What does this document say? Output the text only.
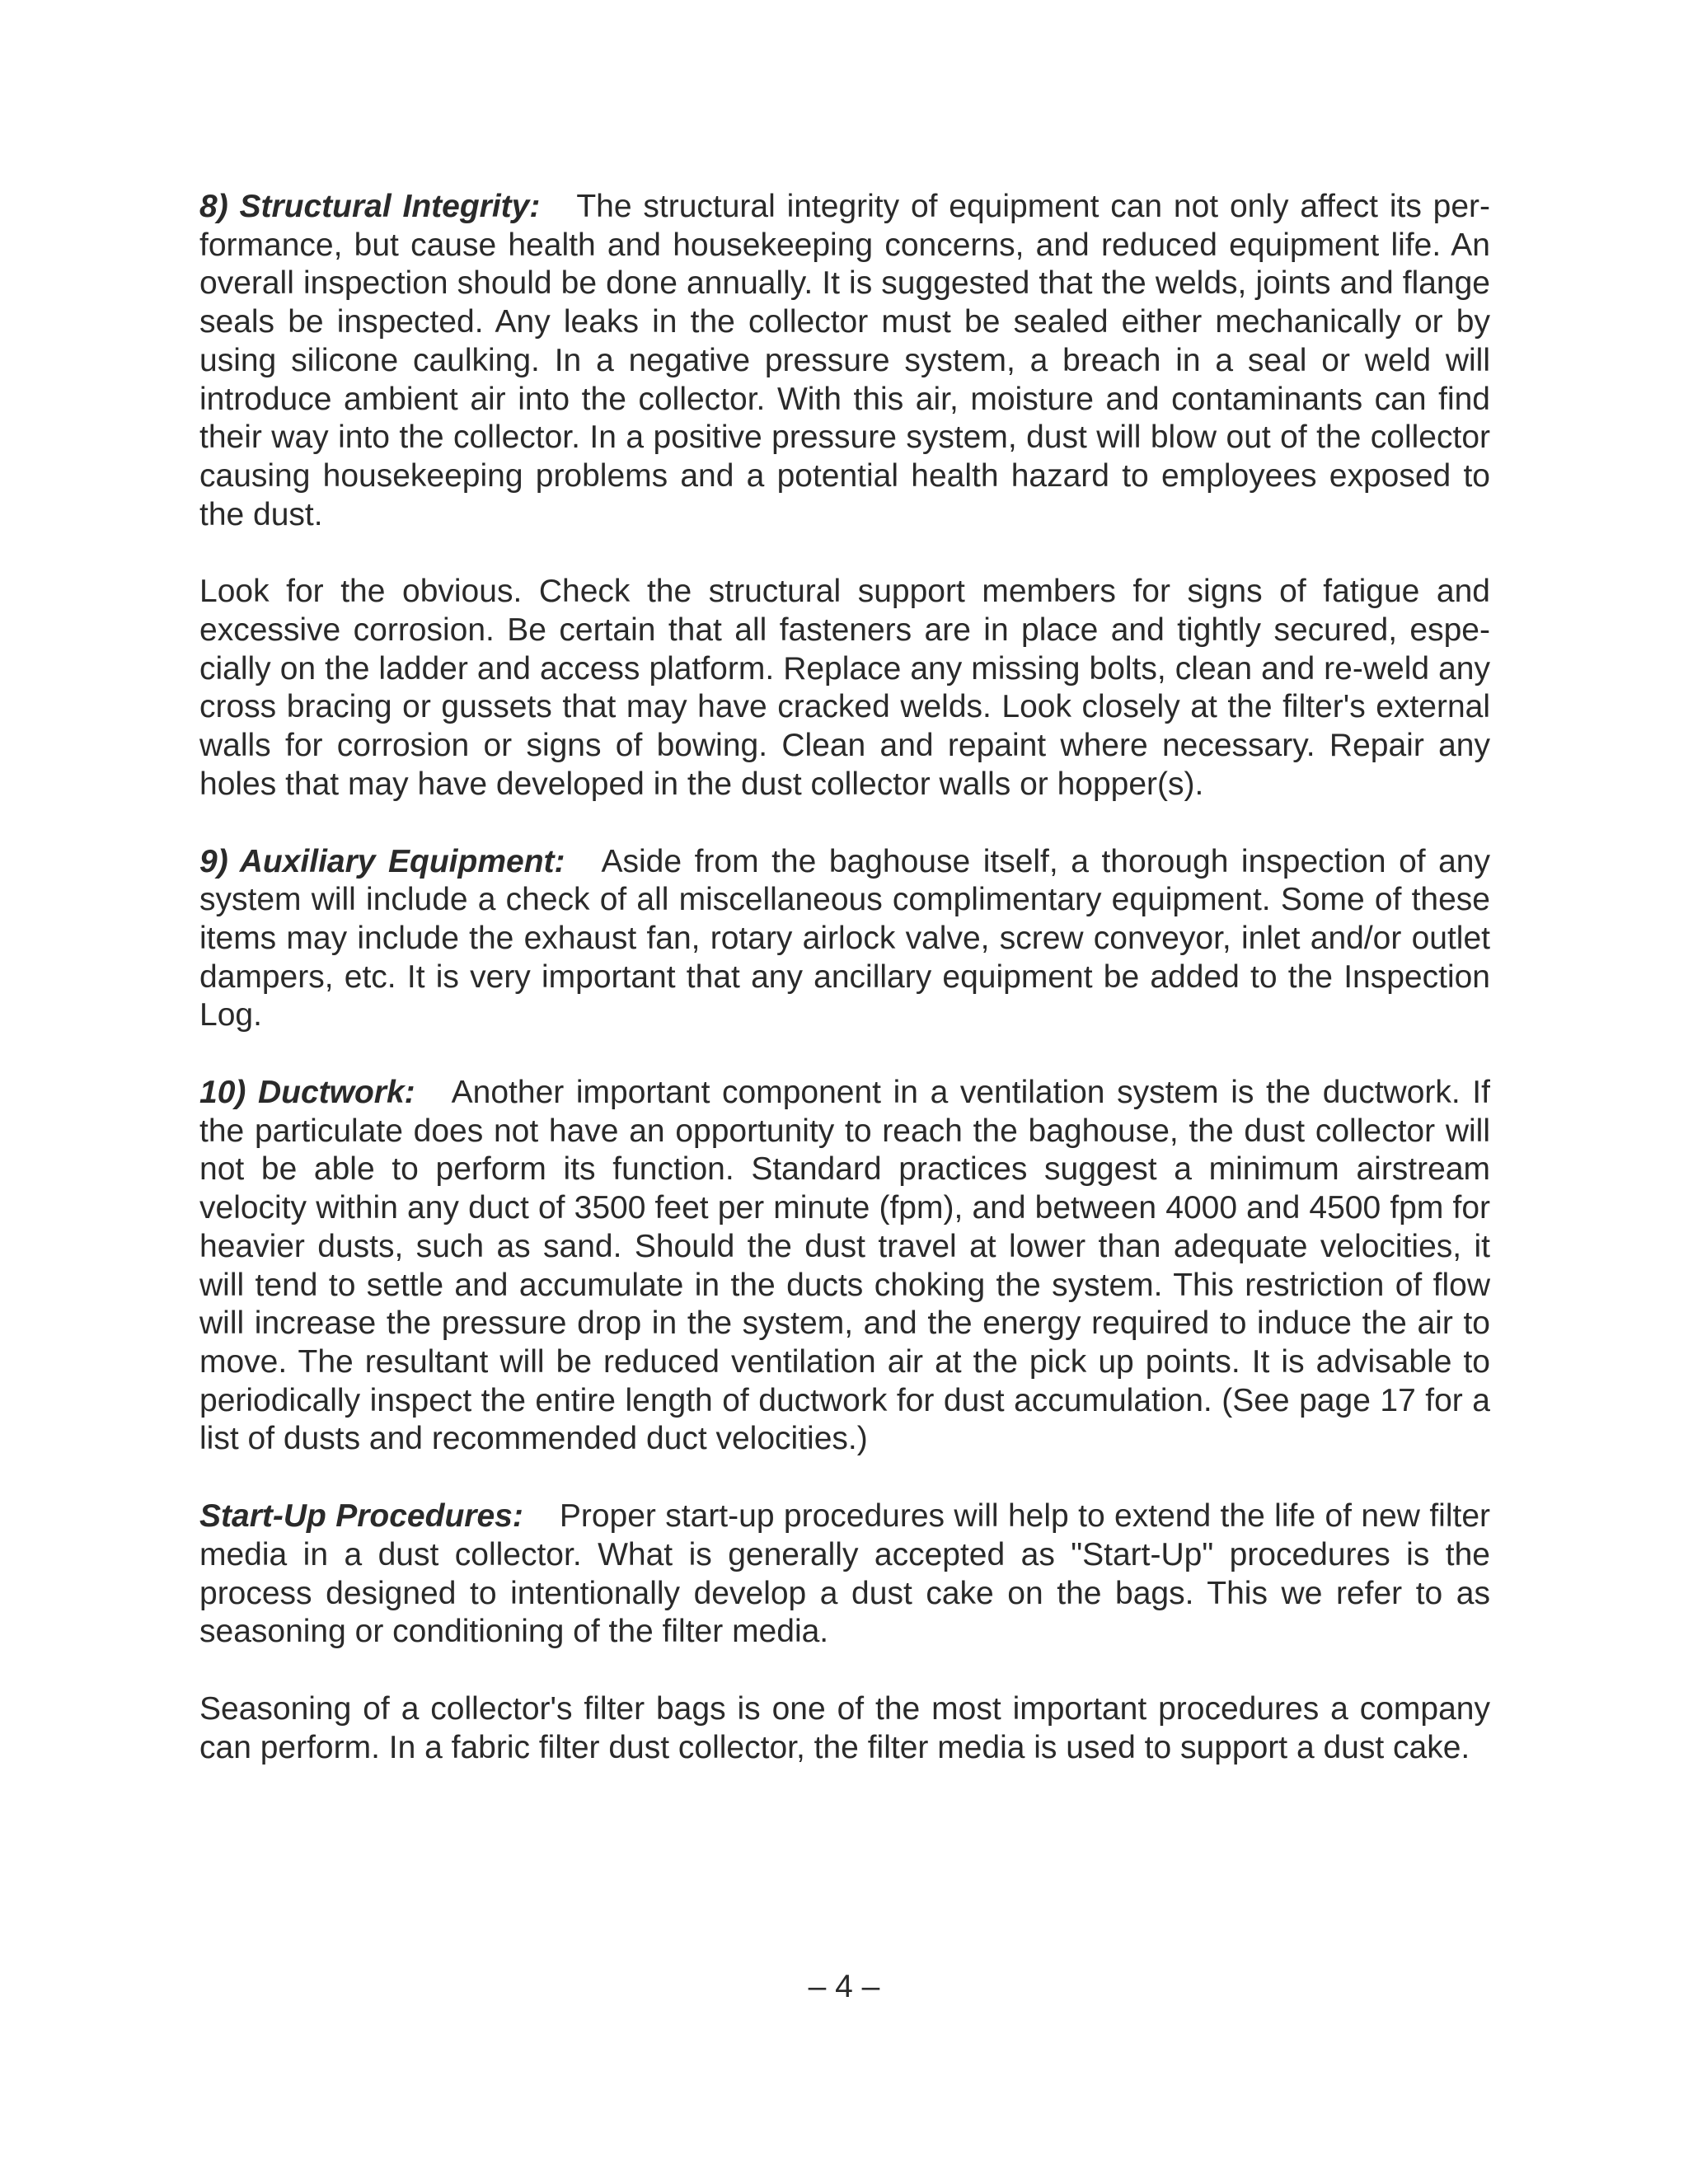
8) Structural Integrity: The structural integrity of equipment can not only affect its performance, but cause health and housekeeping concerns, and reduced equipment life. An overall inspection should be done annually. It is suggested that the welds, joints and flange seals be inspected. Any leaks in the collector must be sealed either mechanically or by using silicone caulking. In a negative pressure system, a breach in a seal or weld will introduce ambient air into the collector. With this air, moisture and contaminants can find their way into the collector. In a positive pressure system, dust will blow out of the collector causing housekeeping problems and a potential health hazard to employees exposed to the dust.

Look for the obvious. Check the structural support members for signs of fatigue and excessive corrosion. Be certain that all fasteners are in place and tightly secured, especially on the ladder and access platform. Replace any missing bolts, clean and re-weld any cross bracing or gussets that may have cracked welds. Look closely at the filter's external walls for corrosion or signs of bowing. Clean and repaint where necessary. Repair any holes that may have developed in the dust collector walls or hopper(s).

9) Auxiliary Equipment: Aside from the baghouse itself, a thorough inspection of any system will include a check of all miscellaneous complimentary equipment. Some of these items may include the exhaust fan, rotary airlock valve, screw conveyor, inlet and/or outlet dampers, etc. It is very important that any ancillary equipment be added to the Inspection Log.

10) Ductwork: Another important component in a ventilation system is the ductwork. If the particulate does not have an opportunity to reach the baghouse, the dust collector will not be able to perform its function. Standard practices suggest a minimum airstream velocity within any duct of 3500 feet per minute (fpm), and between 4000 and 4500 fpm for heavier dusts, such as sand. Should the dust travel at lower than adequate velocities, it will tend to settle and accumulate in the ducts choking the system. This restriction of flow will increase the pressure drop in the system, and the energy required to induce the air to move. The resultant will be reduced ventilation air at the pick up points. It is advisable to periodically inspect the entire length of ductwork for dust accumulation. (See page 17 for a list of dusts and recommended duct velocities.)

Start-Up Procedures: Proper start-up procedures will help to extend the life of new filter media in a dust collector. What is generally accepted as "Start-Up" procedures is the process designed to intentionally develop a dust cake on the bags. This we refer to as seasoning or conditioning of the filter media.

Seasoning of a collector's filter bags is one of the most important procedures a company can perform. In a fabric filter dust collector, the filter media is used to support a dust cake.

– 4 –
